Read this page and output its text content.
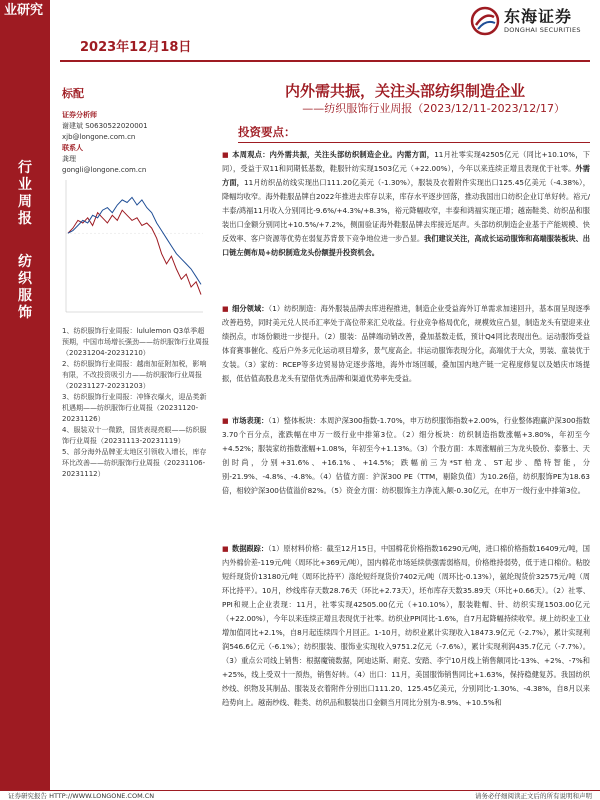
业研究
2023年12月18日
东海证券
DONGHAI SECURITIES
行业周报
纺织服饰
标配
证券分析师
谢建斌 S0630522020001
xjb@longone.com.cn
联系人
龚理
gongli@longone.com.cn

1、纺织服饰行业周报：lululemon Q3单季超预期，中国市场增长强劲——纺织服饰行业周报（20231204-20231210）

2、纺织服饰行业周报：越南加征附加税，影响有限，不改投资吸引力——纺织服饰行业周报（20231127-20231203）

3、纺织服饰行业周报：冲锋衣爆火，迎品类新机遇期——纺织服饰行业周报（20231120-20231126）

4、服装双十一微跌，国货表现亮眼——纺织服饰行业周报（20231113-20231119）

5、部分海外品牌亚太地区引领收入增长，库存环比改善——纺织服饰行业周报（20231106-20231112）

内外需共振，关注头部纺织制造企业
——纺织服饰行业周报（2023/12/11-2023/12/17）
投资要点：
■ 本周观点：内外需共振，关注头部纺织制造企业。内需方面，11月社零实现42505亿元（同比+10.10%，下同），受益于双11和同期低基数，鞋服针纺实现1503亿元（+22.00%），今年以来连续正增且表现优于社零。外需方面，11月纺织品纺线实现出口111.20亿美元（-1.30%），服装及衣着附件实现出口125.45亿美元（-4.38%），降幅均收窄。海外鞋服品牌自2022年推进去库存以来，库存水平逐步回落，推动我国出口纺织企业订单好转。裕元/丰泰/鸿福11月收入分别同比-9.6%/+4.3%/+8.3%，裕元降幅收窄，丰泰和鸿福实现正增；越南鞋类、纺织品和服装出口金额分别同比+10.5%/+7.2%，侧面验证海外鞋服品牌去库接近尾声。头部纺织制造企业基于产能规模、快反效率、客户资源等优势在弱复苏背景下竞争地位进一步凸显。我们建议关注，高成长运动服饰和高端服装板块、出口链左侧布局+纺织制造龙头份额提升投资机会。
■ 细分领域：（1）纺织制造：海外服装品牌去库进程推进，制造企业受益海外订单需求加速回升，基本面呈现逐季改善趋势，同时美元兑人民币汇率处于高位带来汇兑收益。行业竞争格局优化，规模效应凸显，制造龙头有望迎来业绩拐点，市场份额进一步提升。（2）服装：品牌端动销改善，叠加基数走低，预计Q4同比表现出色。运动服饰受益体育赛事催化、疫后户外多元化运动项目增多，景气度高企。非运动服饰表现分化，高端优于大众，男装、童装优于女装。（3）家纺：RCEP等多边贸易协定逐步落地，海外市场回暖，叠加国内地产链一定程度修复以及婚庆市场提振，低估值高股息龙头有望借优秀品牌和渠道优势率先受益。
■ 市场表现：（1）整体板块：本周沪深300指数-1.70%，申万纺织服饰指数+2.00%，行业整体跑赢沪深300指数3.70个百分点，涨跌幅在申万一级行业中排第3位。（2）细分板块：纺织制造指数涨幅+3.80%，年初至今+4.52%；服装家纺指数涨幅+1.08%，年初至今+1.13%。（3）个股方面：本周涨幅前三为龙头股份、泰慕士、天创时尚，分别+31.6%、+16.1%、+14.5%；跌幅前三为*ST柏龙、ST起步、酷特智能，分别-21.9%、-4.8%、-4.8%。（4）估值方面：沪深300 PE（TTM，剔除负值）为10.26倍，纺织服饰PE为18.63倍，相较沪深300估值溢价82%。（5）资金方面：纺织服饰主力净流入额-0.30亿元，在申万一级行业中排第3位。
■ 数据跟踪：（1）原材料价格：截至12月15日，中国棉花价格指数16290元/吨，进口棉价格指数16409元/吨，国内外棉价差-119元/吨（周环比+369元/吨），国内棉花市场延续供强需弱格局，价格维持弱势，低于进口棉价。粘胶短纤现货价13180元/吨（周环比持平）涤纶短纤现货价7402元/吨（周环比-0.13%），氨纶现货价32575元/吨（周环比持平）。10月，纱线库存天数28.76天（环比+2.73天），坯布库存天数35.89天（环比+0.66天）。（2）社零、PPI和规上企业表现：11月，社零实现42505.00亿元（+10.10%），服装鞋帽、针、纺织实现1503.00亿元（+22.00%），今年以来连续正增且表现优于社零。纺织业PPI同比-1.6%，自7月起降幅持续收窄。规上纺织业工业增加值同比+2.1%，自8月起连续四个月回正。1-10月，纺织业累计实现收入18473.9亿元（-2.7%），累计实现利润546.6亿元（-6.1%）；纺织服装、服饰业实现收入9751.2亿元（-7.6%），累计实现利润435.7亿元（-7.7%）。（3）重点公司线上销售：根据魔镜数据，阿迪达斯、耐克、安踏、李宁10月线上销售额同比-13%、+2%、-7%和+25%，线上受双十一预热，销售好转。（4）出口：11月，美国服饰销售同比+1.63%，保持稳健复苏。我国纺织纱线、织物及其制品、服装及衣着附件分别出口111.20、125.45亿美元，分别同比-1.30%、-4.38%，自8月以来趋势向上。越南纱线、鞋类、纺织品和服装出口金额当月同比分别为-8.9%、+10.5%和
证券研究报告 HTTP://WWW.LONGONE.COM.CN	请务必仔细阅读正文后的所有说明和声明
